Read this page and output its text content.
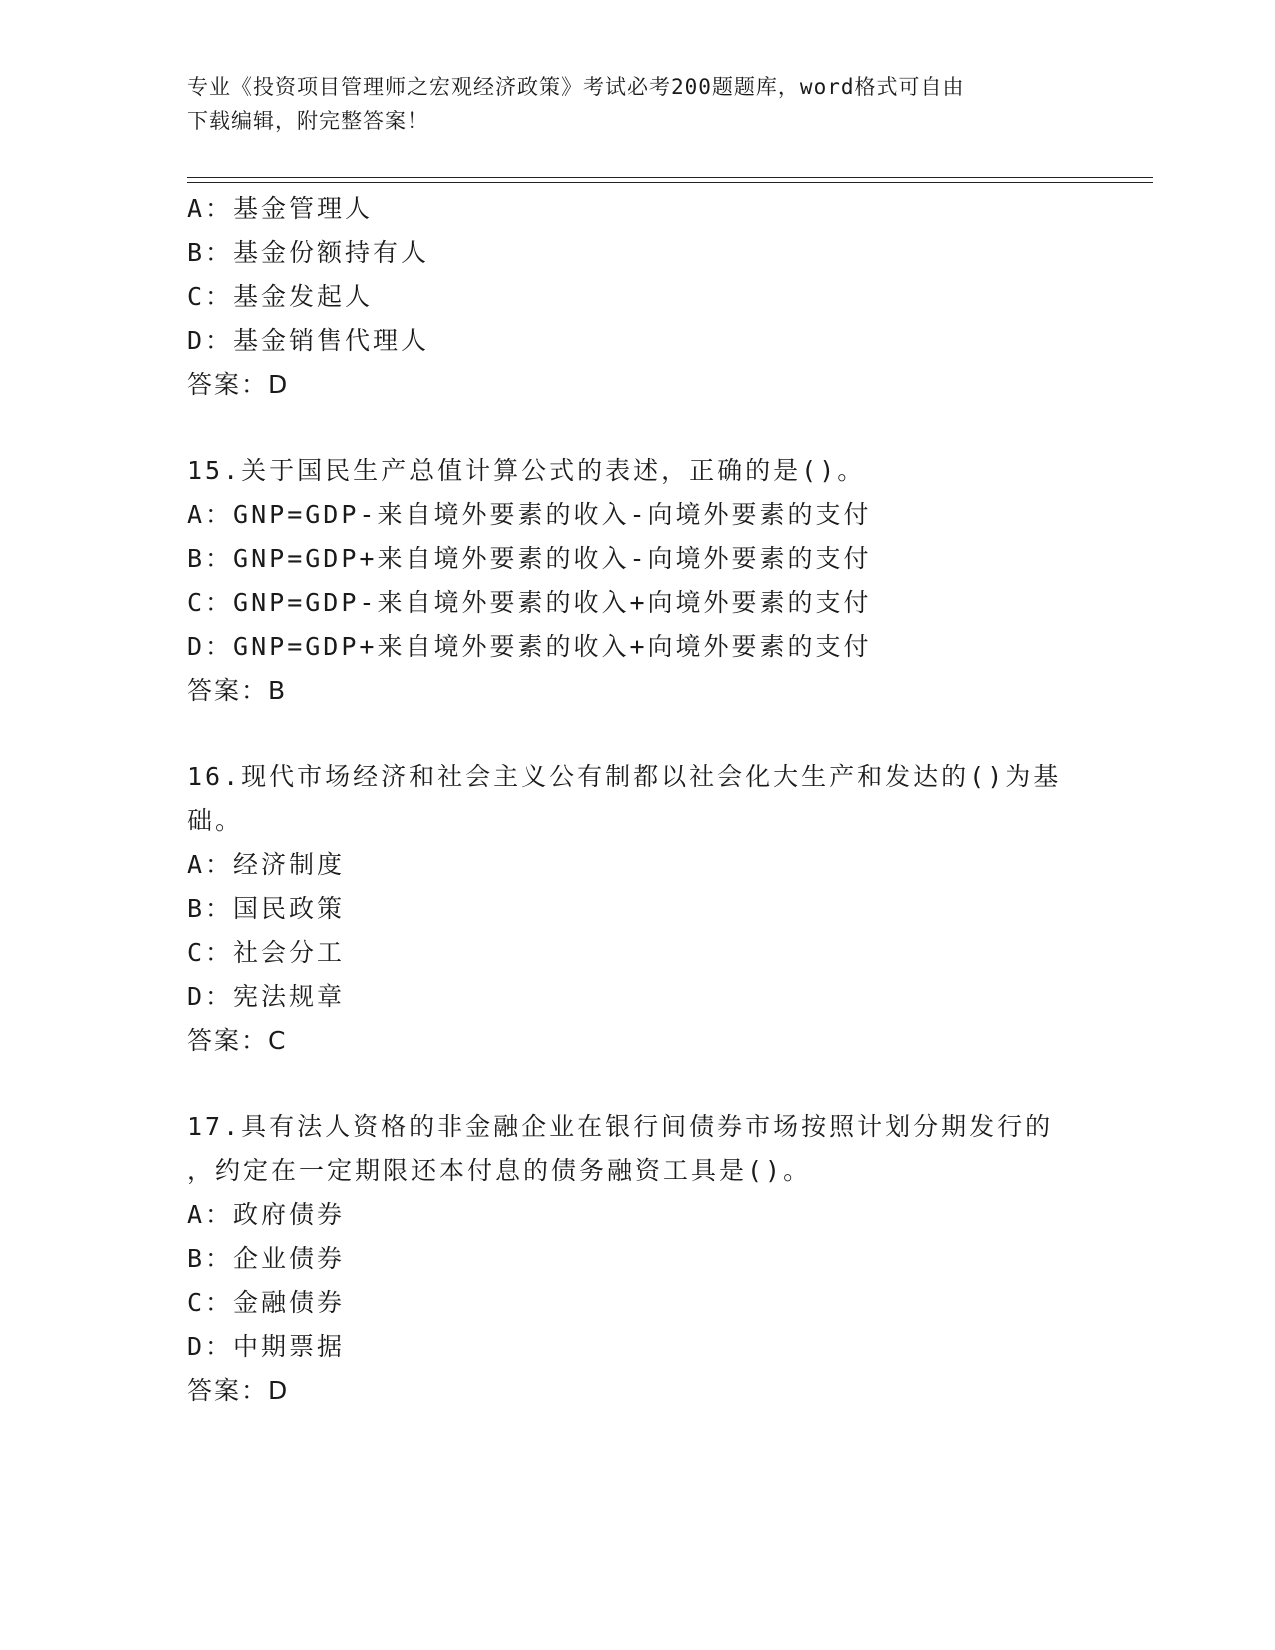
专业《投资项目管理师之宏观经济政策》考试必考200题题库，word格式可自由
下载编辑，附完整答案！
A：基金管理人
B：基金份额持有人
C：基金发起人
D：基金销售代理人
答案：D
15.关于国民生产总值计算公式的表述，正确的是()。
A：GNP=GDP-来自境外要素的收入-向境外要素的支付
B：GNP=GDP+来自境外要素的收入-向境外要素的支付
C：GNP=GDP-来自境外要素的收入+向境外要素的支付
D：GNP=GDP+来自境外要素的收入+向境外要素的支付
答案：B
16.现代市场经济和社会主义公有制都以社会化大生产和发达的()为基
础。
A：经济制度
B：国民政策
C：社会分工
D：宪法规章
答案：C
17.具有法人资格的非金融企业在银行间债券市场按照计划分期发行的
，约定在一定期限还本付息的债务融资工具是()。
A：政府债券
B：企业债券
C：金融债券
D：中期票据
答案：D
